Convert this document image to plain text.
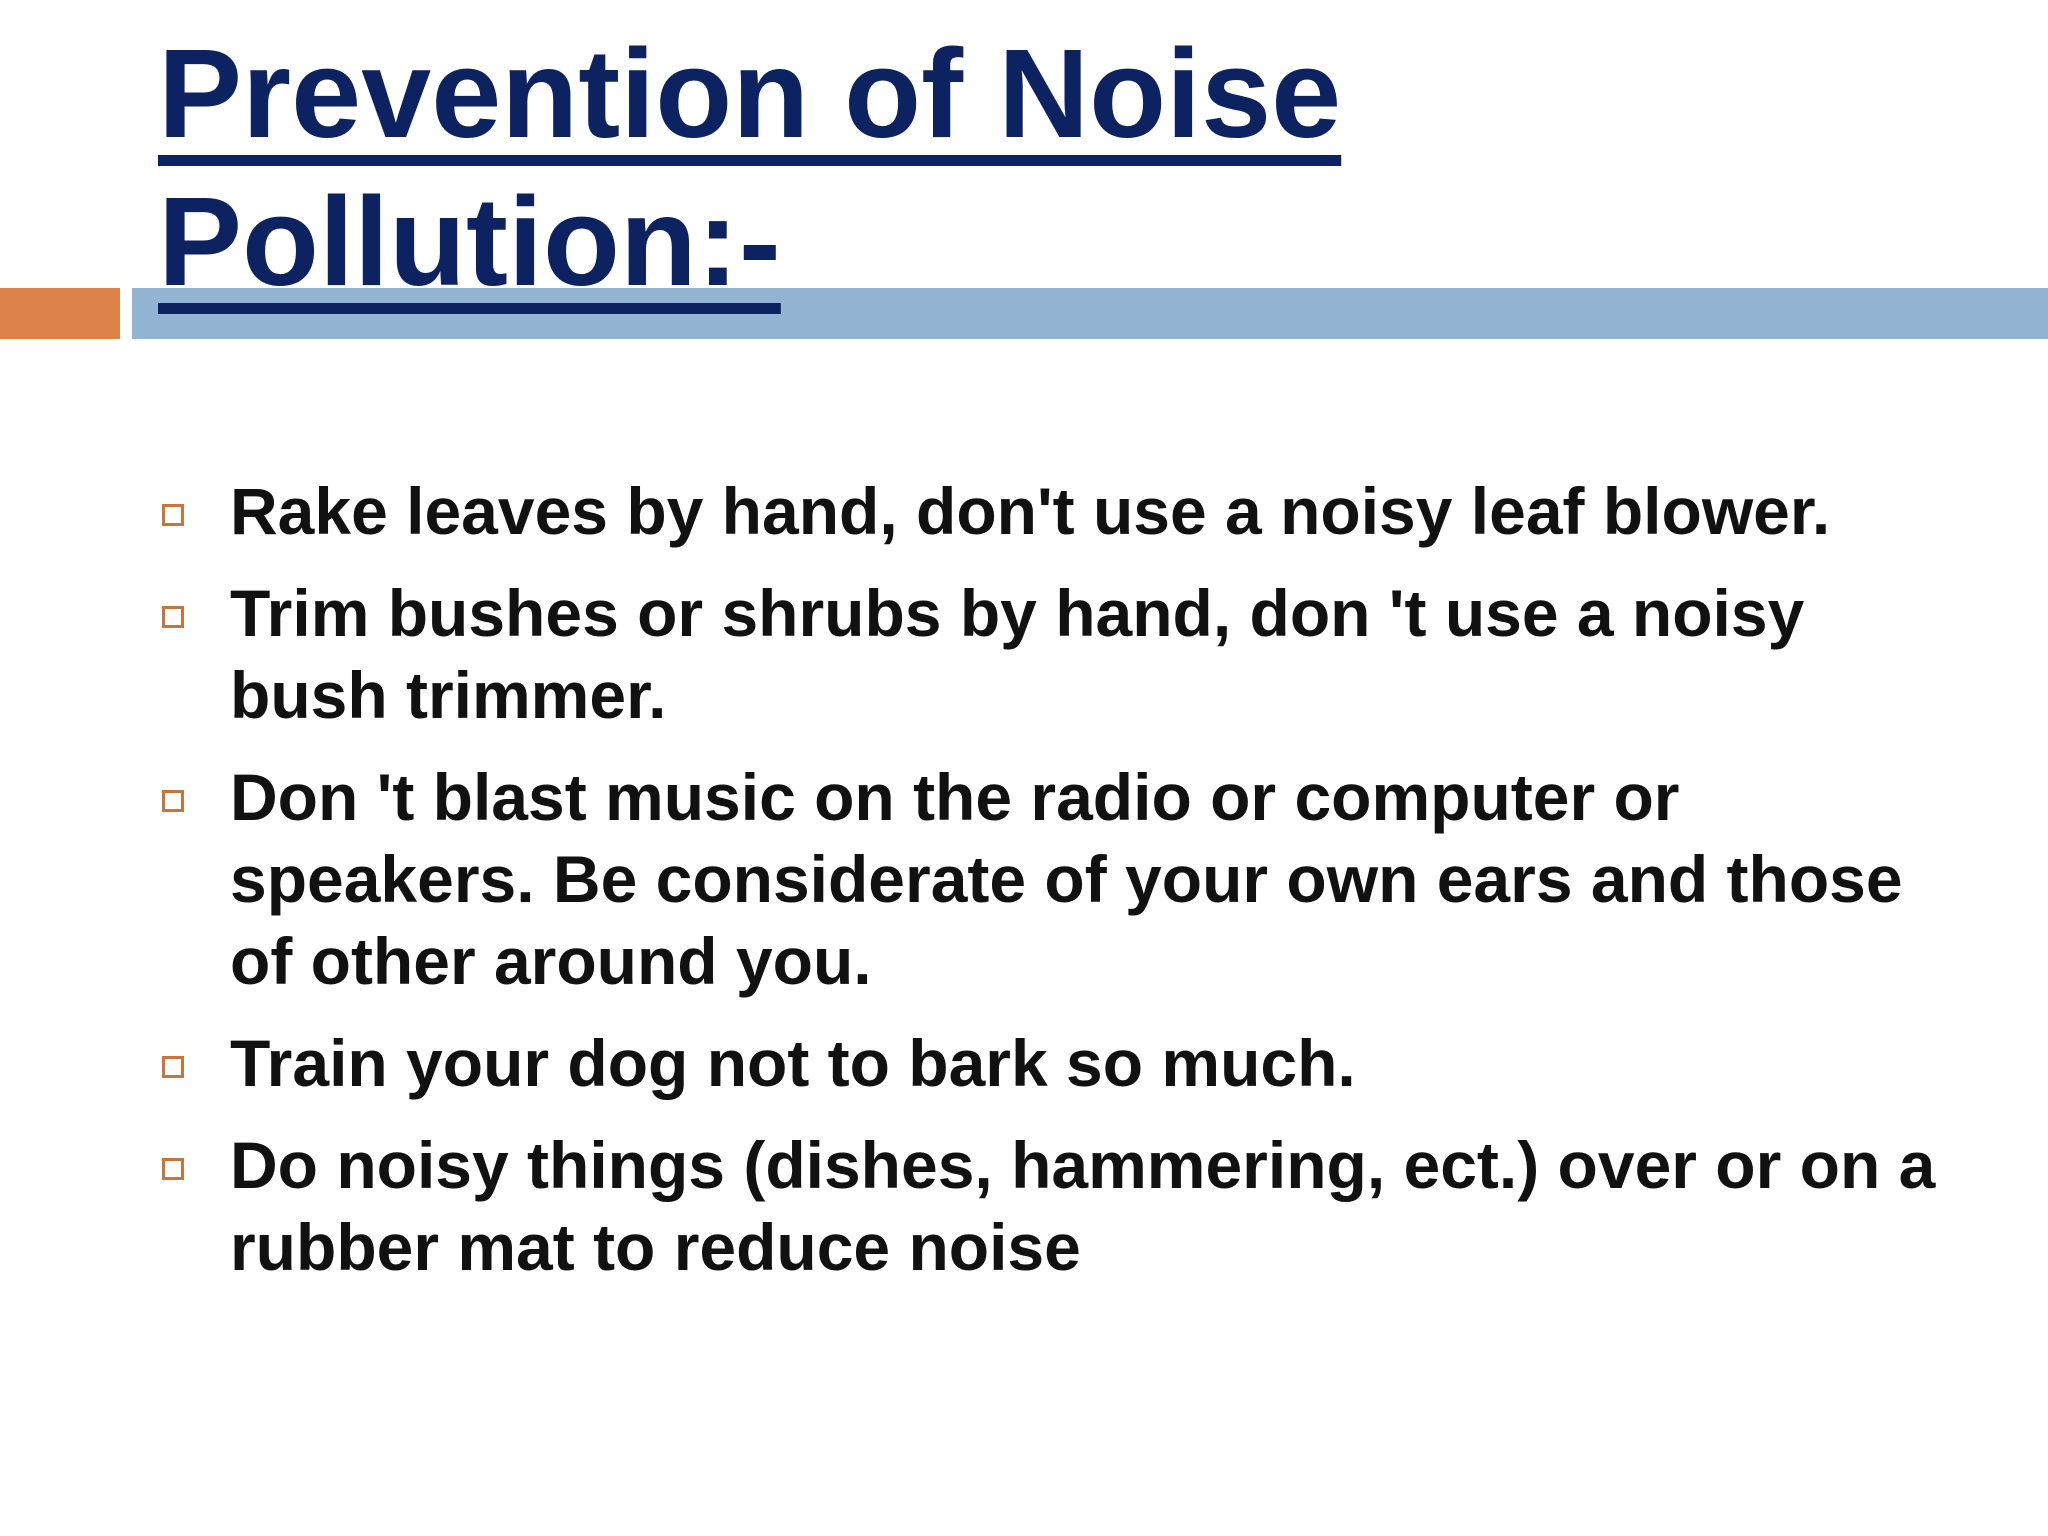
Prevention of Noise Pollution:-
Rake leaves by hand, don't use a noisy leaf blower.
Trim bushes or shrubs by hand, don 't use a noisy bush trimmer.
Don 't blast music on the radio or computer or speakers. Be considerate of your own ears and those of other around you.
Train your dog not to bark so much.
Do noisy things (dishes, hammering, ect.) over or on a rubber mat to reduce noise
